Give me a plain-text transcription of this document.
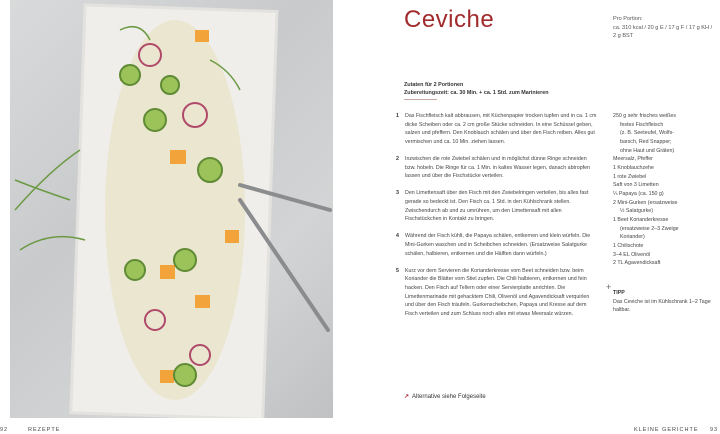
Ceviche	Pro Portion:
ca. 310 kcal / 20 g E / 17 g F / 17 g KH / 2 g BST
Zutaten für 2 Portionen
Zubereitungszeit: ca. 30 Min. + ca. 1 Std. zum Marinieren
1 Das Fischfleisch kalt abbrausen, mit Küchenpapier trocken tupfen und in ca. 1 cm dicke Scheiben oder ca. 2 cm große Stücke schneiden. In eine Schüssel geben, salzen und pfeffern. Den Knoblauch schälen und über den Fisch reiben. Alles gut vermischen und ca. 10 Min. ziehen lassen.
2 Inzwischen die rote Zwiebel schälen und in möglichst dünne Ringe schneiden bzw. hobeln. Die Ringe für ca. 1 Min. in kaltes Wasser legen, danach abtropfen lassen und über die Fischstücke verteilen.
3 Den Limettensaft über den Fisch mit den Zwiebelringen verteilen, bis alles fast gerade so bedeckt ist. Den Fisch ca. 1 Std. in den Kühlschrank stellen. Zwischendurch ab und zu umrühren, um den Limettensaft mit allen Fischstückchen in Kontakt zu bringen.
4 Während der Fisch kühlt, die Papaya schälen, entkernen und klein würfeln. Die Mini-Gurken waschen und in Scheibchen schneiden. (Ersatzweise Salatgurke schälen, halbieren, entkernen und die Hälften dann würfeln.)
5 Kurz vor dem Servieren die Korianderkresse vom Beet schneiden bzw. beim Koriander die Blätter vom Stiel zupfen. Die Chili halbieren, entkernen und fein hacken. Den Fisch auf Tellern oder einer Servierplatte anrichten. Die Limettenmarinade mit gehacktem Chili, Olivenöl und Agavendicksaft verquirlen und über den Fisch träufeln. Gurkenscheibchen, Papaya und Kresse auf dem Fisch verteilen und zum Schluss noch alles mit etwas Meersalz würzen.
250 g sehr frisches weißes
festes Fischfleisch
(z. B. Seeteufel, Wolfs-
barsch, Red Snapper;
ohne Haut und Gräten)
Meersalz, Pfeffer
1 Knoblauchzehe
1 rote Zwiebel
Saft von 3 Limetten
¼ Papaya (ca. 150 g)
2 Mini-Gurken (ersatzweise
½ Salatgurke)
1 Beet Korianderkresse
(ersatzweise 2–3 Zweige
Koriander)
1 Chilischote
3–4 EL Olivenöl
2 TL Agavendicksaft
+
TIPP
Das Ceviche ist im Kühlschrank 1–2 Tage haltbar.
↗ Alternative siehe Folgeseite
92	REZEPTE	KLEINE GERICHTE 93
